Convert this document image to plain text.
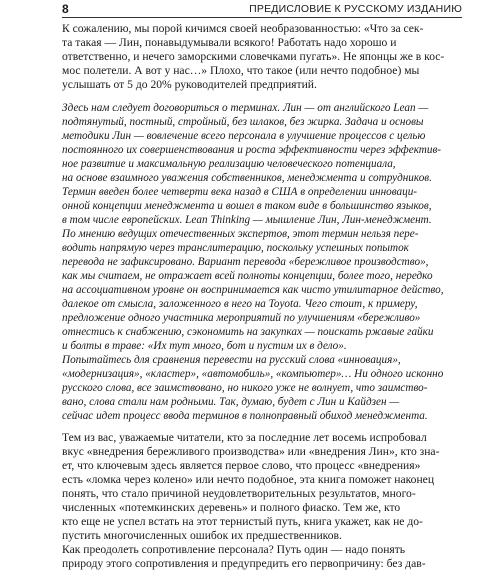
8	ПРЕДИСЛОВИЕ К РУССКОМУ ИЗДАНИЮ
К сожалению, мы порой кичимся своей необразованностью: «Что за сек-
та такая — Лин, понавыдумывали всякого! Работать надо хорошо и
ответственно, и нечего заморскими словечками пугать». Не японцы же в кос-
мос полетели. А вот у нас…» Плохо, что такое (или нечто подобное) мы
услышать от 5 до 20% руководителей предприятий.
Здесь нам следует договориться о терминах. Лин — от английского Lean —
подтянутый, постный, стройный, без шлаков, без жирка. Задача и основы
методики Лин — вовлечение всего персонала в улучшение процессов с целью
постоянного их совершенствования и роста эффективности через эффектив-
ное развитие и максимальную реализацию человеческого потенциала,
на основе взаимного уважения собственников, менеджмента и сотрудников.
Термин введен более четверти века назад в США в определении инноваци-
онной концепции менеджмента и вошел в таком виде в большинство языков,
в том числе европейских. Lean Thinking — мышление Лин, Лин-менеджмент.
По мнению ведущих отечественных экспертов, этот термин нельзя пере-
водить напрямую через транслитерацию, поскольку успешных попыток
перевода не зафиксировано. Вариант перевода «бережливое производство»,
как мы считаем, не отражает всей полноты концепции, более того, нередко
на ассоциативном уровне он воспринимается как чисто утилитарное действо,
далекое от смысла, заложенного в него на Toyota. Чего стоит, к примеру,
предложение одного участника мероприятий по улучшениям «бережливо»
отнестись к снабжению, сэкономить на закупках — поискать ржавые гайки
и болты в траве: «Их тут много, бот и пустим их в дело».
Попытайтесь для сравнения перевести на русский слова «инновация»,
«модернизация», «кластер», «автомобиль», «компьютер»… Ни одного исконно
русского слова, все заимствовано, но никого уже не волнует, что заимство-
вано, слова стали нам родными. Так, думаю, будет с Лин и Кайдзен —
сейчас идет процесс ввода терминов в полноправный обиход менеджмента.
Тем из вас, уважаемые читатели, кто за последние лет восемь испробовал
вкус «внедрения бережливого производства» или «внедрения Лин», кто зна-
ет, что ключевым здесь является первое слово, что процесс «внедрения»
есть «ломка через колено» или нечто подобное, эта книга поможет наконец
понять, что стало причиной неудовлетворительных результатов, много-
численных «потемкинских деревень» и полного фиаско. Тем же, кто
кто еще не успел встать на этот тернистый путь, книга укажет, как не до-
пустить многочисленных ошибок их предшественников.
Как преодолеть сопротивление персонала? Путь один — надо понять
природу этого сопротивления и предупредить его первопричину: без дав-
